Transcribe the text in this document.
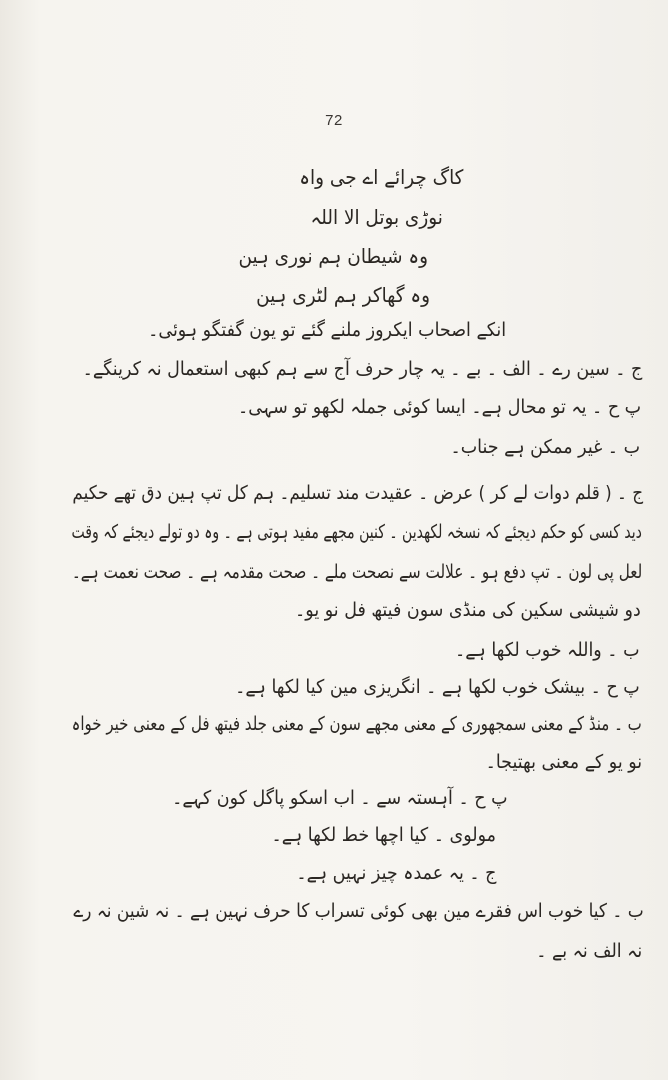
72
کاگ چرائے اے جی واہ
نوڑی بوتل الا اللہ
وہ شیطان ہم نوری ہین
وہ گھاکر ہم لٹری ہین
انکے اصحاب ایکروز ملنے گئے تو یون گفتگو ہوئی۔
ج ۔ سین رے ۔ الف ۔ بے ۔ یہ چار حرف آج سے ہم کبھی استعمال نہ کرینگے۔
پ ح ۔ یہ تو محال ہے۔ ایسا کوئی جملہ لکھو تو سہی۔
ب ۔ غیر ممکن ہے جناب۔
ج ۔ ( قلم دوات لے کر ) عرض ۔ عقیدت مند تسلیم۔ ہم کل تپ ہین دق تھے حکیم
دید کسی کو حکم دیجئے کہ نسخہ لکھدین ۔ کنین مجھے مفید ہوتی ہے ۔ وہ دو تولے دیجئے کہ وقت
لعل پی لون ۔ تپ دفع ہو ۔ علالت سے نصحت ملے ۔ صحت مقدمہ ہے ۔ صحت نعمت ہے۔
دو شیشی سکین کی منڈی سون فیتھ فل نو یو۔
ب ۔ واللہ خوب لکھا ہے۔
پ ح ۔ بیشک خوب لکھا ہے ۔ انگریزی مین کیا لکھا ہے۔
ب ۔ منڈ کے معنی سمجھوری کے معنی مجھے سون کے معنی جلد فیتھ فل کے معنی خیر خواہ
نو یو کے معنی بھتیجا۔
پ ح ۔ آہستہ سے ۔ اب اسکو پاگل کون کہے۔
مولوی ۔ کیا اچھا خط لکھا ہے۔
ج ۔ یہ عمدہ چیز نہیں ہے۔
ب ۔ کیا خوب اس فقرے مین بھی کوئی تسراب کا حرف نہین ہے ۔ نہ شین نہ رے
نہ الف نہ بے ۔
